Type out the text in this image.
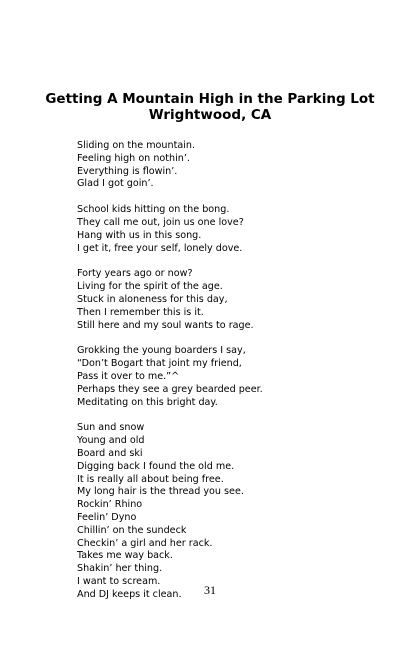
Getting A Mountain High in the Parking Lot
Wrightwood, CA
Sliding on the mountain.
Feeling high on nothin’.
Everything is flowin’.
Glad I got goin’.
School kids hitting on the bong.
They call me out, join us one love?
Hang with us in this song.
I get it, free your self, lonely dove.
Forty years ago or now?
Living for the spirit of the age.
Stuck in aloneness for this day,
Then I remember this is it.
Still here and my soul wants to rage.
Grokking the young boarders I say,
“Don’t Bogart that joint my friend,
Pass it over to me.”^
Perhaps they see a grey bearded peer.
Meditating on this bright day.
Sun and snow
Young and old
Board and ski
Digging back I found the old me.
It is really all about being free.
My long hair is the thread you see.
Rockin’ Rhino
Feelin’ Dyno
Chillin’ on the sundeck
Checkin’ a girl and her rack.
Takes me way back.
Shakin’ her thing.
I want to scream.
And DJ keeps it clean.	31
